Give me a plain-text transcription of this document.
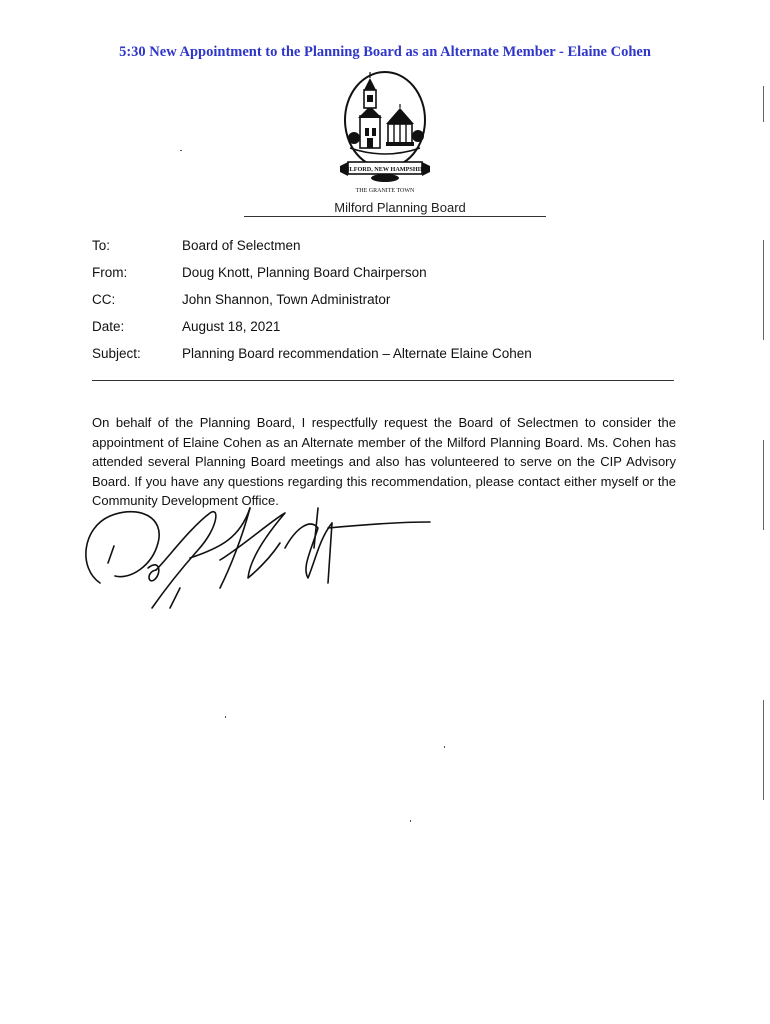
5:30 New Appointment to the Planning Board as an Alternate Member - Elaine Cohen
MILFORD, NEW HAMPSHIRE
THE GRANITE TOWN
Milford Planning Board
To:	Board of Selectmen
From:	Doug Knott, Planning Board Chairperson
CC:	John Shannon, Town Administrator
Date:	August 18, 2021
Subject:	Planning Board recommendation – Alternate Elaine Cohen

On behalf of the Planning Board, I respectfully request the Board of Selectmen to consider the appointment of Elaine Cohen as an Alternate member of the Milford Planning Board. Ms. Cohen has attended several Planning Board meetings and also has volunteered to serve on the CIP Advisory Board. If you have any questions regarding this recommendation, please contact either myself or the Community Development Office.
